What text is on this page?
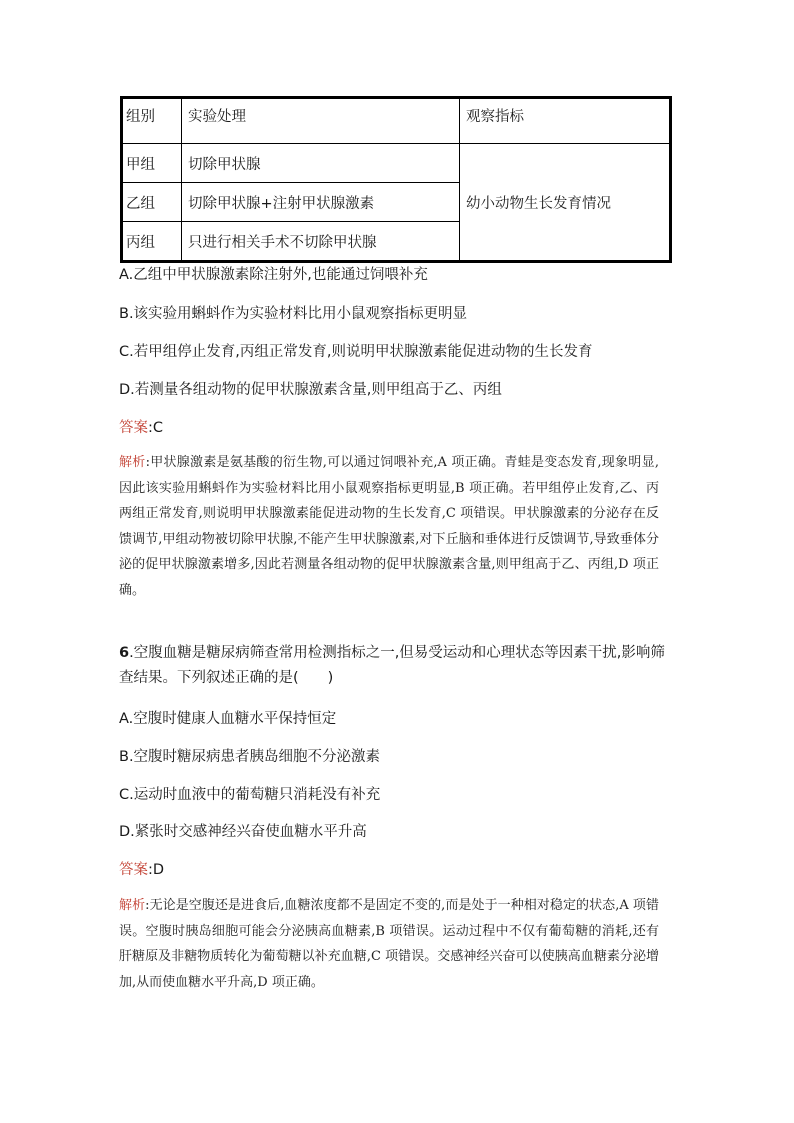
组别	实验处理	观察指标
甲组	切除甲状腺	幼小动物生长发育情况
乙组	切除甲状腺+注射甲状腺激素	
丙组	只进行相关手术不切除甲状腺	
A.乙组中甲状腺激素除注射外,也能通过饲喂补充
B.该实验用蝌蚪作为实验材料比用小鼠观察指标更明显
C.若甲组停止发育,丙组正常发育,则说明甲状腺激素能促进动物的生长发育
D.若测量各组动物的促甲状腺激素含量,则甲组高于乙、丙组
答案:C
解析:甲状腺激素是氨基酸的衍生物,可以通过饲喂补充,A 项正确。青蛙是变态发育,现象明显,因此该实验用蝌蚪作为实验材料比用小鼠观察指标更明显,B 项正确。若甲组停止发育,乙、丙两组正常发育,则说明甲状腺激素能促进动物的生长发育,C 项错误。甲状腺激素的分泌存在反馈调节,甲组动物被切除甲状腺,不能产生甲状腺激素,对下丘脑和垂体进行反馈调节,导致垂体分泌的促甲状腺激素增多,因此若测量各组动物的促甲状腺激素含量,则甲组高于乙、丙组,D 项正确。
6.空腹血糖是糖尿病筛查常用检测指标之一,但易受运动和心理状态等因素干扰,影响筛查结果。下列叙述正确的是(　　)
A.空腹时健康人血糖水平保持恒定
B.空腹时糖尿病患者胰岛细胞不分泌激素
C.运动时血液中的葡萄糖只消耗没有补充
D.紧张时交感神经兴奋使血糖水平升高
答案:D
解析:无论是空腹还是进食后,血糖浓度都不是固定不变的,而是处于一种相对稳定的状态,A 项错误。空腹时胰岛细胞可能会分泌胰高血糖素,B 项错误。运动过程中不仅有葡萄糖的消耗,还有肝糖原及非糖物质转化为葡萄糖以补充血糖,C 项错误。交感神经兴奋可以使胰高血糖素分泌增加,从而使血糖水平升高,D 项正确。
